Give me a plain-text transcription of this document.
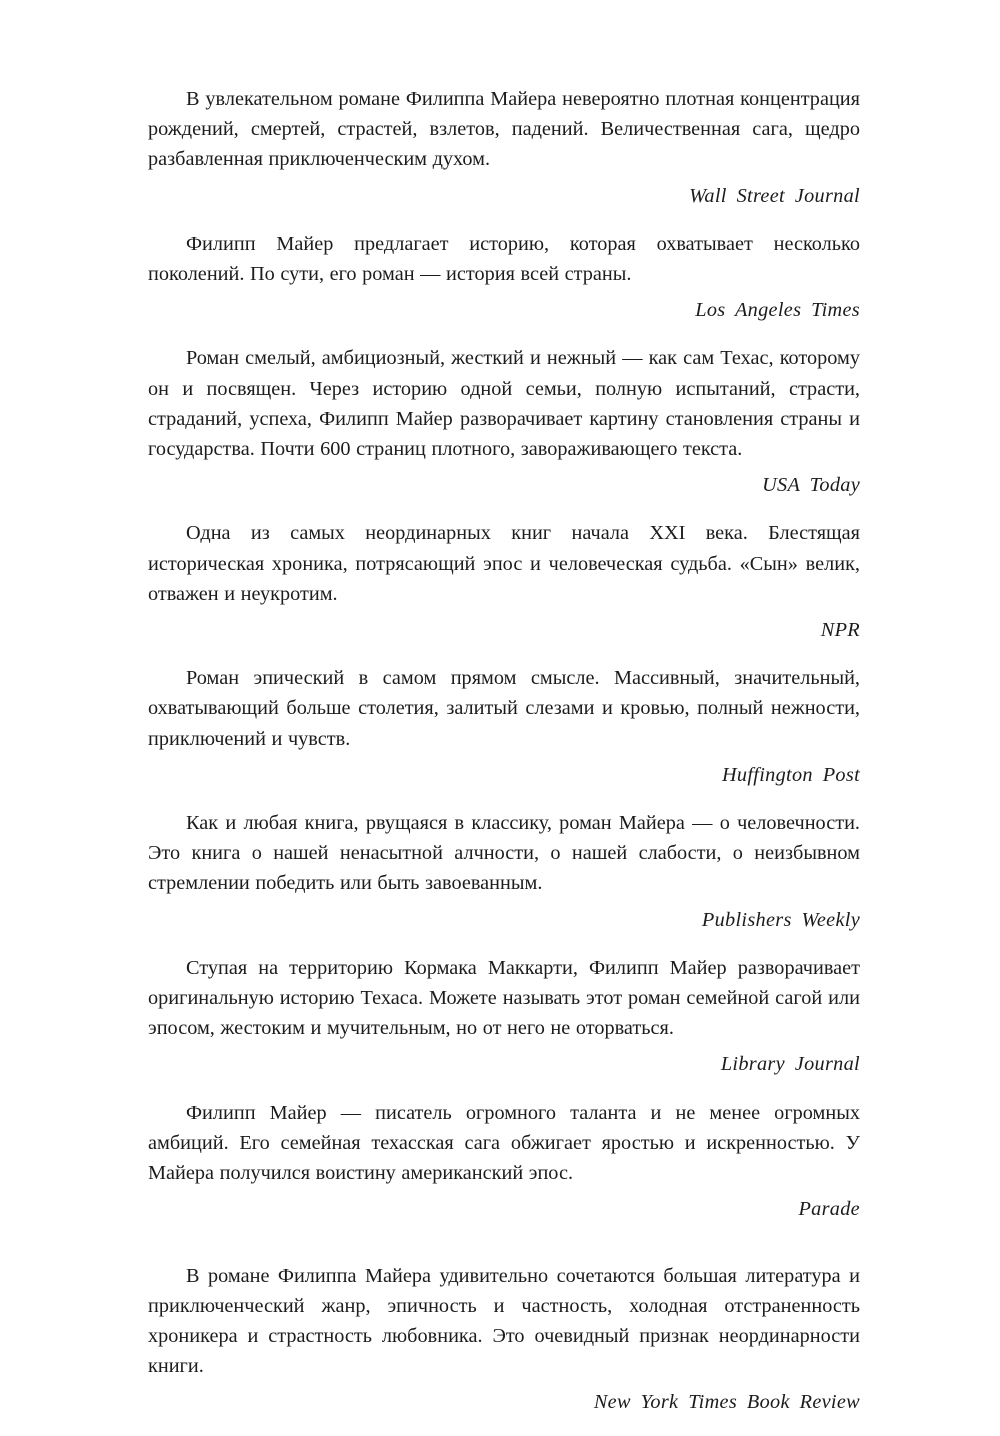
В увлекательном романе Филиппа Майера невероятно плотная концентрация рождений, смертей, страстей, взлетов, падений. Величественная сага, щедро разбавленная приключенческим духом.

Wall Street Journal

Филипп Майер предлагает историю, которая охватывает несколько поколений. По сути, его роман — история всей страны.

Los Angeles Times

Роман смелый, амбициозный, жесткий и нежный — как сам Техас, которому он и посвящен. Через историю одной семьи, полную испытаний, страсти, страданий, успеха, Филипп Майер разворачивает картину становления страны и государства. Почти 600 страниц плотного, завораживающего текста.

USA Today

Одна из самых неординарных книг начала XXI века. Блестящая историческая хроника, потрясающий эпос и человеческая судьба. «Сын» велик, отважен и неукротим.

NPR

Роман эпический в самом прямом смысле. Массивный, значительный, охватывающий больше столетия, залитый слезами и кровью, полный нежности, приключений и чувств.

Huffington Post

Как и любая книга, рвущаяся в классику, роман Майера — о человечности. Это книга о нашей ненасытной алчности, о нашей слабости, о неизбывном стремлении победить или быть завоеванным.

Publishers Weekly

Ступая на территорию Кормака Маккарти, Филипп Майер разворачивает оригинальную историю Техаса. Можете называть этот роман семейной сагой или эпосом, жестоким и мучительным, но от него не оторваться.

Library Journal

Филипп Майер — писатель огромного таланта и не менее огромных амбиций. Его семейная техасская сага обжигает яростью и искренностью. У Майера получился воистину американский эпос.

Parade

В романе Филиппа Майера удивительно сочетаются большая литература и приключенческий жанр, эпичность и частность, холодная отстраненность хроникера и страстность любовника. Это очевидный признак неординарности книги.

New York Times Book Review
